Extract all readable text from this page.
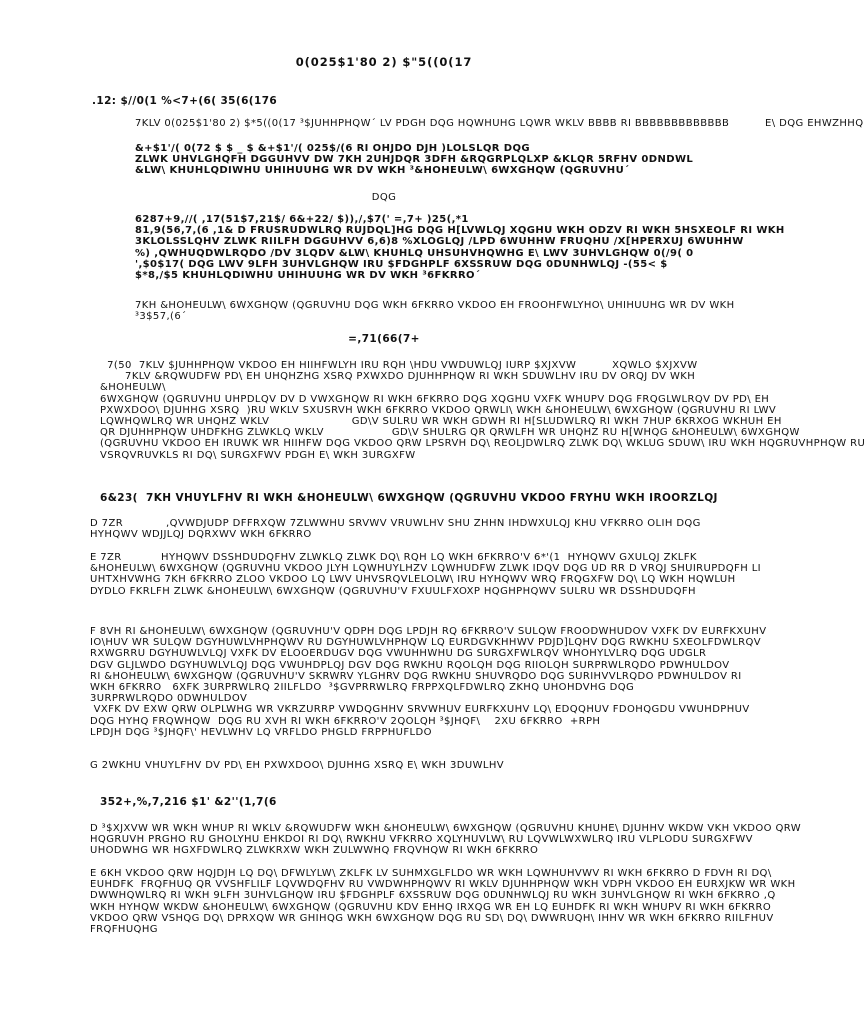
0(025$1'80 2) $"5((0(17
.12: $//0(1 %<7+(6( 35(6(176
7KLV 0(025$1'80 2) $*5((0(17 ³$JUHHPHQW´ LV PDGH DQG HQWHUHG LQWR WKLV BBBB RI BBBBBBBBBBBBB          E\ DQG EHWZHHQ
&+$1'/( 0(72 $ $ _ $ &+$1'/( 025$/(6 RI OHJDO DJH )LOLSLQR DQG
ZLWK UHVLGHQFH DGGUHVV DW 7KH 2UHJDQR 3DFH &RQGRPLQLXP &KLQR 5RFHV 0DNDWL
&LW\ KHUHLQDIWHU UHIHUUHG WR DV WKH ³&HOHEULW\ 6WXGHQW (QGRUVHU´
DQG
6287+9,//( ,17(51$7,21$/ 6&+22/ $)),/,$7(' =,7+ )25(,*1
81,9(56,7,(6 ,1& D FRUSRUDWLRQ RUJDQL]HG DQG H[LVWLQJ XQGHU WKH ODZV RI WKH 5HSXEOLF RI WKH
3KLOLSSLQHV ZLWK RIILFH DGGUHVV 6,6)8 %XLOGLQJ /LPD 6WUHHW FRUQHU /X[HPERXUJ 6WUHHW
%) ,QWHUQDWLRQDO /DV 3LQDV &LW\ KHUHLQ UHSUHVHQWHG E\ LWV 3UHVLGHQW 0(/9( 0
',$0$17( DQG LWV 9LFH 3UHVLGHQW IRU $FDGHPLF 6XSSRUW DQG 0DUNHWLQJ -(55< $
$*8,/$5 KHUHLQDIWHU UHIHUUHG WR DV WKH ³6FKRRO´
7KH &HOHEULW\ 6WXGHQW (QGRUVHU DQG WKH 6FKRRO VKDOO EH FROOHFWLYHO\ UHIHUUHG WR DV WKH
³3$57,(6´
=,71(66(7+
7(50  7KLV $JUHHPHQW VKDOO EH HIIHFWLYH IRU RQH \HDU VWDUWLQJ IURP $XJXVW          XQWLO $XJXVW
7KLV &RQWUDFW PD\ EH UHQHZHG XSRQ PXWXDO DJUHHPHQW RI WKH SDUWLHV IRU DV ORQJ DV WKH
&HOHEULW\
6WXGHQW (QGRUVHU UHPDLQV DV D VWXGHQW RI WKH 6FKRRO DQG XQGHU VXFK WHUPV DQG FRQGLWLRQV DV PD\ EH
PXWXDOO\ DJUHHG XSRQ  )RU WKLV SXUSRVH WKH 6FKRRO VKDOO QRWLI\ WKH &HOHEULW\ 6WXGHQW (QGRUVHU RI LWV
LQWHQWLRQ WR UHQHZ WKLV                       GD\V SULRU WR WKH GDWH RI H[SLUDWLRQ RI WKH 7HUP 6KRXOG WKHUH EH
QR DJUHHPHQW UHDFKHG ZLWKLQ WKLV                   GD\V SHULRG QR QRWLFH WR UHQHZ RU H[WHQG &HOHEULW\ 6WXGHQW
(QGRUVHU VKDOO EH IRUWK WR HIIHFW DQG VKDOO QRW LPSRVH DQ\ REOLJDWLRQ ZLWK DQ\ WKLUG SDUW\ IRU WKH HQGRUVHPHQW RU
VSRQVRUVKLS RI DQ\ SURGXFWV PDGH E\ WKH 3URGXFW
6&23(  7KH VHUYLFHV RI WKH &HOHEULW\ 6WXGHQW (QGRUVHU VKDOO FRYHU WKH IROORZLQJ
D 7ZR            ,QVWDJUDP DFFRXQW 7ZLWWHU SRVWV VRUWLHV SHU ZHHN IHDWXULQJ KHU VFKRRO OLIH DQG
HYHQWV WDJJLQJ DQRXWV WKH 6FKRRO
E 7ZR           HYHQWV DSSHDUDQFHV ZLWKLQ ZLWK DQ\ RQH LQ WKH 6FKRRO'V 6*'(1  HYHQWV GXULQJ ZKLFK
&HOHEULW\ 6WXGHQW (QGRUVHU VKDOO JLYH LQWHUYLHZV LQWHUDFW ZLWK IDQV DQG UD RR D VRQJ SHUIRUPDQFH LI
UHTXHVWHG 7KH 6FKRRO ZLOO VKDOO LQ LWV UHVSRQVLELOLW\ IRU HYHQWV WRQ FRQGXFW DQ\ LQ WKH HQWLUH
DYDLO FKRLFH ZLWK &HOHEULW\ 6WXGHQW (QGRUVHU'V FXUULFXOXP HQGHPHQWV SULRU WR DSSHDUDQFH
F 8VH RI &HOHEULW\ 6WXGHQW (QGRUVHU'V QDPH DQG LPDJH RQ 6FKRRO'V SULQW FROODWHUDOV VXFK DV EURFKXUHV
IO\HUV WR SULQW DGYHUWLVHPHQWV RU DGYHUWLVHPHQW LQ EURDGVKHHWV PDJD]LQHV DQG RWKHU SXEOLFDWLRQV
RXWGRRU DGYHUWLVLQJ VXFK DV ELOOERDUGV DQG VWUHHWHU DG SURGXFWLRQV WHOHYLVLRQ DQG UDGLR
DGV GLJLWDO DGYHUWLVLQJ DQG VWUHDPLQJ DGV DQG RWKHU RQOLQH DQG RIIOLQH SURPRWLRQDO PDWHULDOV
RI &HOHEULW\ 6WXGHQW (QGRUVHU'V SKRWRV YLGHRV DQG RWKHU SHUVRQDO DQG SURIHVVLRQDO PDWHULDOV RI
WKH 6FKRRO   6XFK 3URPRWLRQ 2IILFLDO  ³$GVPRRWLRQ FRPPXQLFDWLRQ ZKHQ UHOHDVHG DQG
3URPRWLRQDO 0DWHULDOV
VXFK DV EXW QRW OLPLWHG WR VKRZURRP VWDQGHHV SRVWHUV EURFKXUHV LQ\ EDQQHUV FDOHQGDU VWUHDPHUV
DQG HYHQ FRQWHQW  DQG RU XVH RI WKH 6FKRRO'V 2QOLQH ³$JHQF\    2XU 6FKRRO  +RPH
LPDJH DQG ³$JHQF\' HEVLWHV LQ VRFLDO PHGLD FRPPHUFLDO
G 2WKHU VHUYLFHV DV PD\ EH PXWXDOO\ DJUHHG XSRQ E\ WKH 3DUWLHV
352+,%,7,216 $1' &2''(1,7(6
D ³$XJXVW WR WKH WHUP RI WKLV &RQWUDFW WKH &HOHEULW\ 6WXGHQW (QGRUVHU KHUHE\ DJUHHV WKDW VKH VKDOO QRW
HQGRUVH PRGHO RU GHOLYHU EHKDOI RI DQ\ RWKHU VFKRRO XQLYHUVLW\ RU LQVWLWXWLRQ IRU VLPLODU SURGXFWV
UHODWHG WR HGXFDWLRQ ZLWKRXW WKH ZULWWHQ FRQVHQW RI WKH 6FKRRO
E 6KH VKDOO QRW HQJDJH LQ DQ\ DFWLYLW\ ZKLFK LV SUHMXGLFLDO WR WKH LQWHUHVWV RI WKH 6FKRRO D FDVH RI DQ\
EUHDFK  FRQFHUQ QR VVSHFLILF LQVWDQFHV RU VWDWHPHQWV RI WKLV DJUHHPHQW WKH VDPH VKDOO EH EURXJKW WR WKH
DWWHQWLRQ RI WKH 9LFH 3UHVLGHQW IRU $FDGHPLF 6XSSRUW DQG 0DUNHWLQJ RU WKH 3UHVLGHQW RI WKH 6FKRRO ,Q
WKH HYHQW WKDW &HOHEULW\ 6WXGHQW (QGRUVHU KDV EHHQ IRXQG WR EH LQ EUHDFK RI WKH WHUPV RI WKH 6FKRRO
VKDOO QRW VSHQG DQ\ DPRXQW WR GHIHQG WKH 6WXGHQW DQG RU SD\ DQ\ DWWRUQH\ IHHV WR WKH 6FKRRO RIILFHUV
FRQFHUQHG
